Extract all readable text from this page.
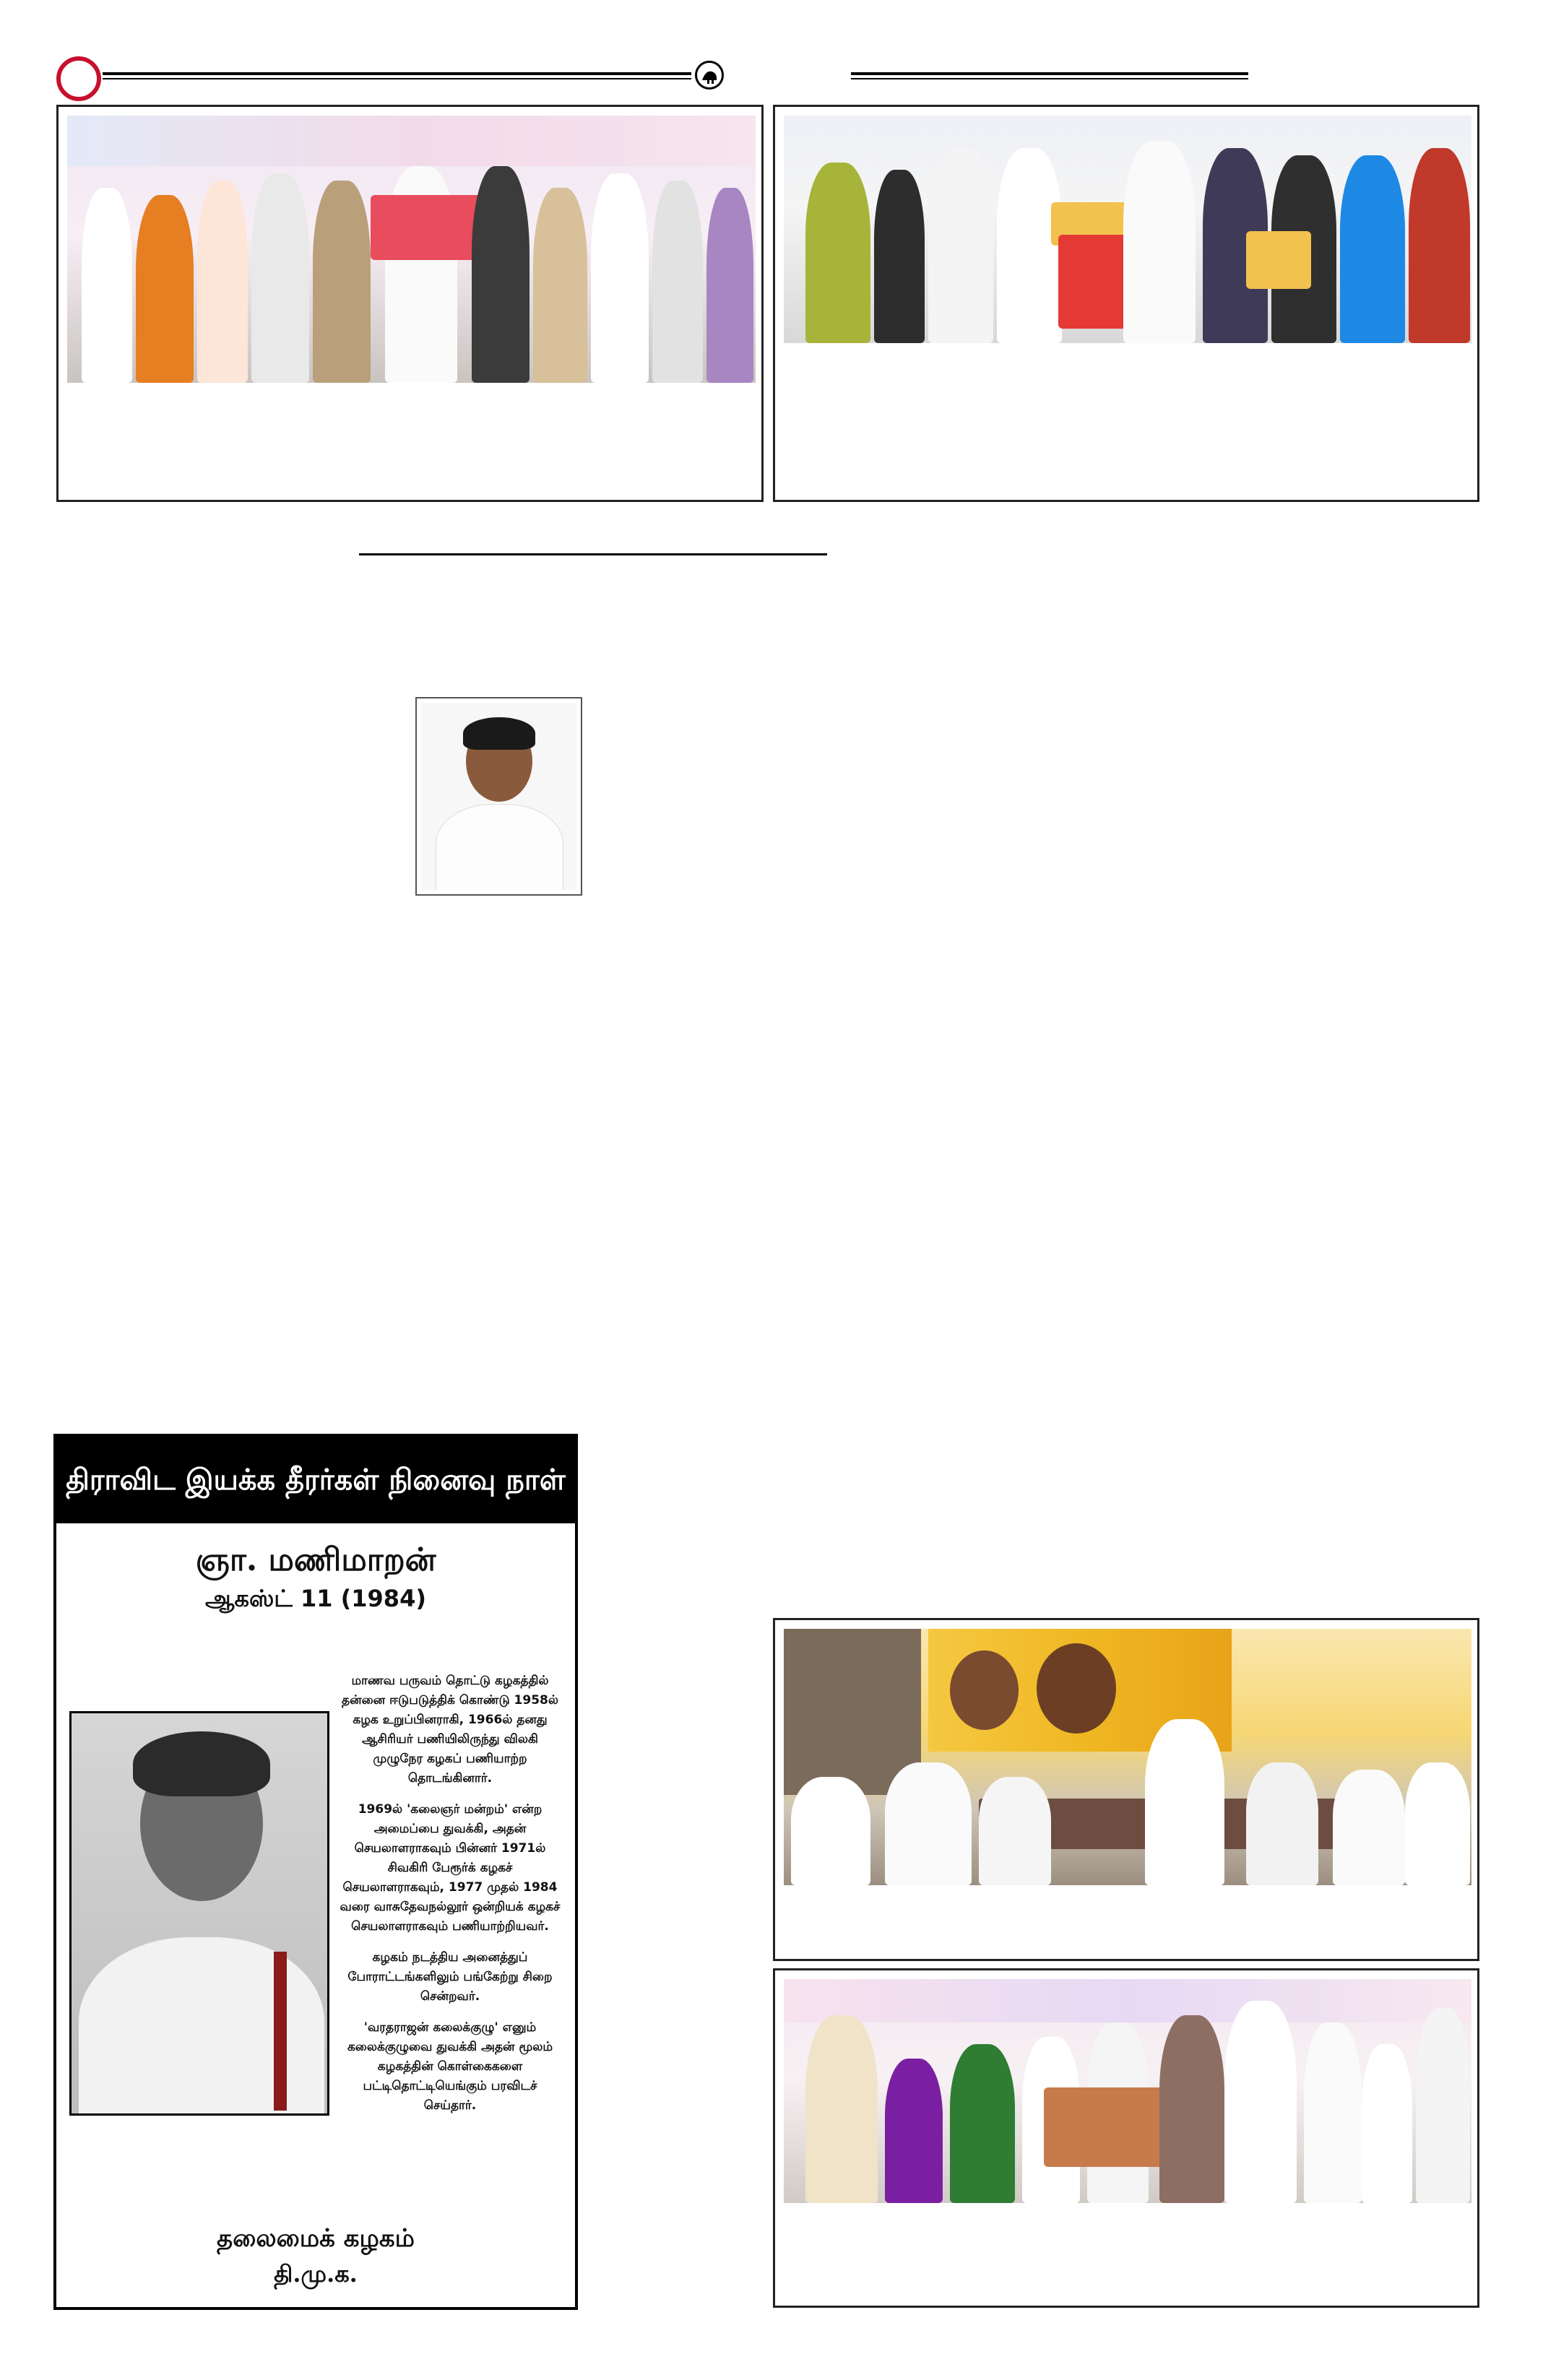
திராவிட இயக்க தீரர்கள் நினைவு நாள்
ஞா. மணிமாறன்
ஆகஸ்ட் 11 (1984)

மாணவ பருவம் தொட்டு கழகத்தில் தன்னை ஈடுபடுத்திக் கொண்டு 1958ல் கழக உறுப்பினராகி, 1966ல் தனது ஆசிரியர் பணியிலிருந்து விலகி முழுநேர கழகப் பணியாற்ற தொடங்கினார்.

1969ல் 'கலைஞர் மன்றம்' என்ற அமைப்பை துவக்கி, அதன் செயலாளராகவும் பின்னர் 1971ல் சிவகிரி பேரூர்க் கழகச் செயலாளராகவும், 1977 முதல் 1984 வரை வாசுதேவநல்லூர் ஒன்றியக் கழகச் செயலாளராகவும் பணியாற்றியவர்.

கழகம் நடத்திய அனைத்துப் போராட்டங்களிலும் பங்கேற்று சிறை சென்றவர்.

'வரதராஜன் கலைக்குழு' எனும் கலைக்குழுவை துவக்கி அதன் மூலம் கழகத்தின் கொள்கைகளை பட்டிதொட்டியெங்கும் பரவிடச் செய்தார்.

தலைமைக் கழகம்
தி.மு.க.
